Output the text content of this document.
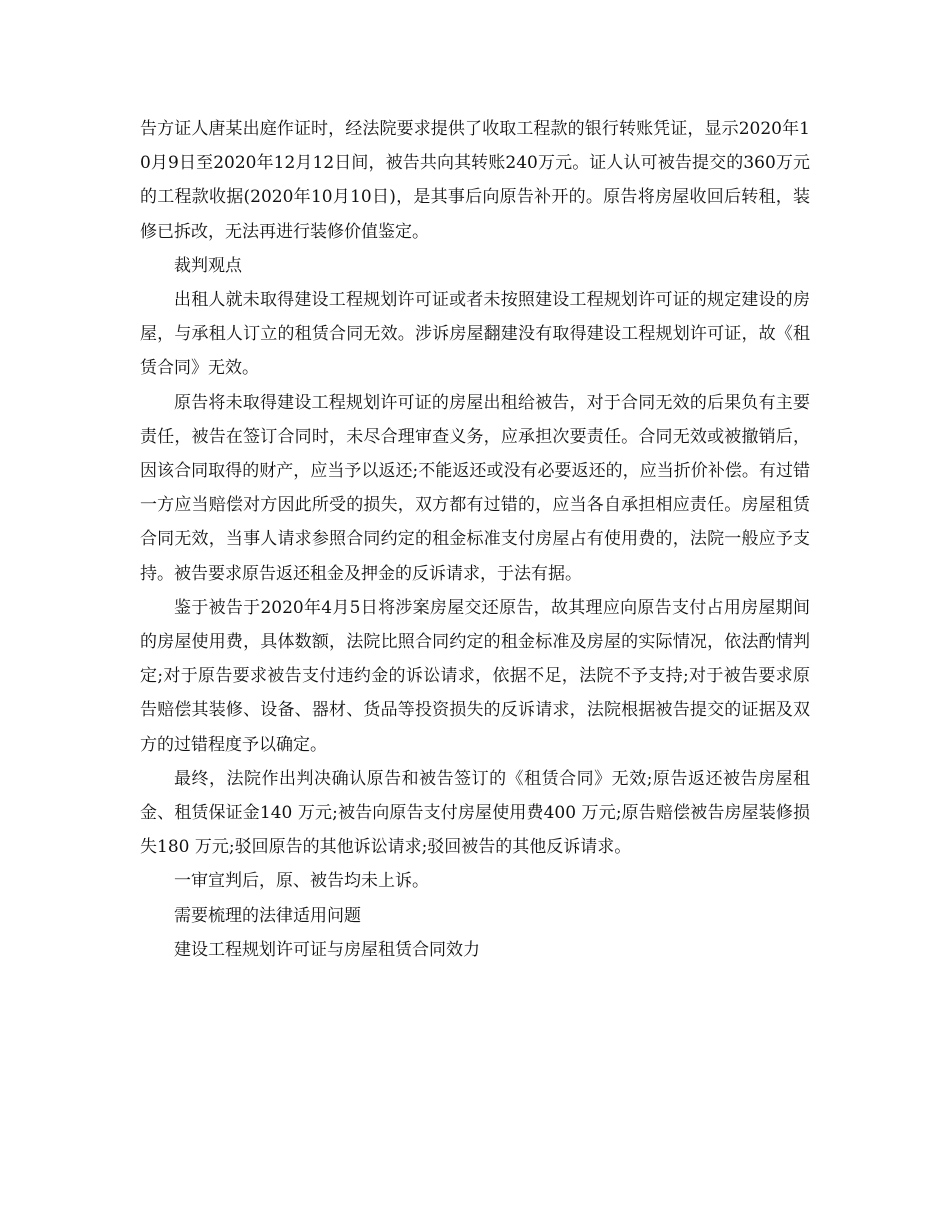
告方证人唐某出庭作证时，经法院要求提供了收取工程款的银行转账凭证，显示2020年10月9日至2020年12月12日间，被告共向其转账240万元。证人认可被告提交的360万元的工程款收据(2020年10月10日)，是其事后向原告补开的。原告将房屋收回后转租，装修已拆改，无法再进行装修价值鉴定。

裁判观点

出租人就未取得建设工程规划许可证或者未按照建设工程规划许可证的规定建设的房屋，与承租人订立的租赁合同无效。涉诉房屋翻建没有取得建设工程规划许可证，故《租赁合同》无效。

原告将未取得建设工程规划许可证的房屋出租给被告，对于合同无效的后果负有主要责任，被告在签订合同时，未尽合理审查义务，应承担次要责任。合同无效或被撤销后，因该合同取得的财产，应当予以返还;不能返还或没有必要返还的，应当折价补偿。有过错一方应当赔偿对方因此所受的损失，双方都有过错的，应当各自承担相应责任。房屋租赁合同无效，当事人请求参照合同约定的租金标准支付房屋占有使用费的，法院一般应予支持。被告要求原告返还租金及押金的反诉请求，于法有据。

鉴于被告于2020年4月5日将涉案房屋交还原告，故其理应向原告支付占用房屋期间的房屋使用费，具体数额，法院比照合同约定的租金标准及房屋的实际情况，依法酌情判定;对于原告要求被告支付违约金的诉讼请求，依据不足，法院不予支持;对于被告要求原告赔偿其装修、设备、器材、货品等投资损失的反诉请求，法院根据被告提交的证据及双方的过错程度予以确定。

最终，法院作出判决确认原告和被告签订的《租赁合同》无效;原告返还被告房屋租金、租赁保证金140 万元;被告向原告支付房屋使用费400 万元;原告赔偿被告房屋装修损失180 万元;驳回原告的其他诉讼请求;驳回被告的其他反诉请求。

一审宣判后，原、被告均未上诉。

需要梳理的法律适用问题

建设工程规划许可证与房屋租赁合同效力
